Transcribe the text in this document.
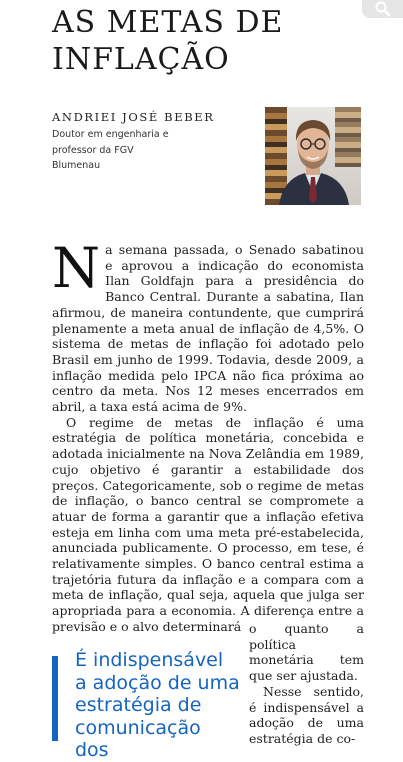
AS METAS DE
INFLAÇÃO
ANDRIEI JOSÉ BEBER
Doutor em engenharia e
professor da FGV
Blumenau

Na semana passada, o Senado sabatinou e aprovou a indicação do economista Ilan Goldfajn para a presidência do Banco Central. Durante a sabatina, Ilan afirmou, de maneira contundente, que cumprirá plenamente a meta anual de inflação de 4,5%. O sistema de metas de inflação foi adotado pelo Brasil em junho de 1999. Todavia, desde 2009, a inflação medida pelo IPCA não fica próxima ao centro da meta. Nos 12 meses encerrados em abril, a taxa está acima de 9%.

O regime de metas de inflação é uma estratégia de política monetária, concebida e adotada inicialmente na Nova Zelândia em 1989, cujo objetivo é garantir a estabilidade dos preços. Categoricamente, sob o regime de metas de inflação, o banco central se compromete a atuar de forma a garantir que a inflação efetiva esteja em linha com uma meta pré-estabelecida, anunciada publicamente. O processo, em tese, é relativamente simples. O banco central estima a trajetória futura da inflação e a compara com a meta de inflação, qual seja, aquela que julga ser apropriada para a economia. A diferença entre a previsão e o alvo determinará o quanto a política monetária tem que ser ajustada.

Nesse sentido, é indispensável a adoção de uma estratégia de co-

É indispensável a adoção de uma estratégia de comunicação dos
